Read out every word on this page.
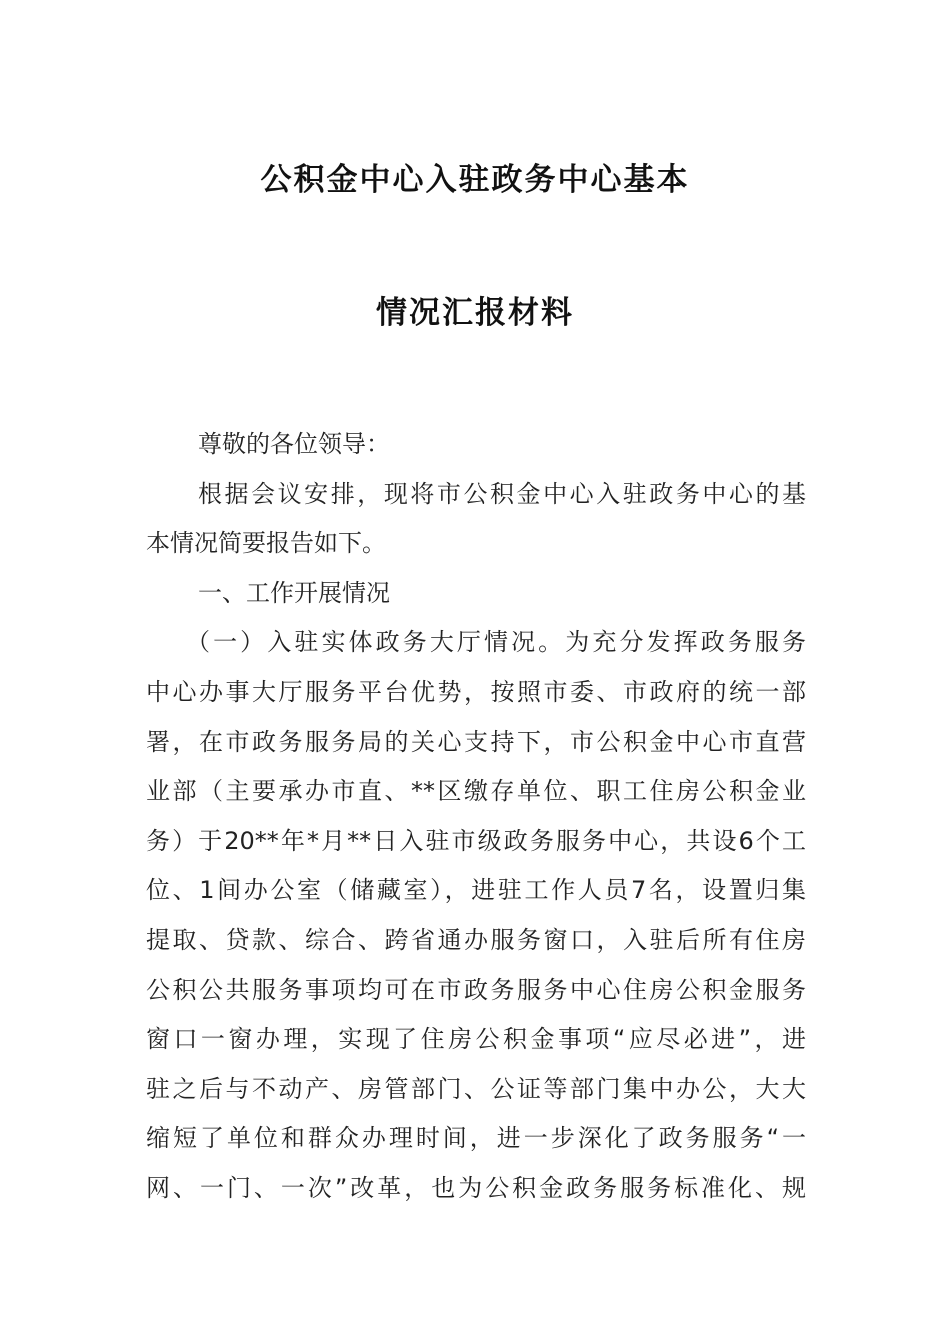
公积金中心入驻政务中心基本
情况汇报材料
尊敬的各位领导：
根据会议安排，现将市公积金中心入驻政务中心的基
本情况简要报告如下。
一、工作开展情况
（一）入驻实体政务大厅情况。为充分发挥政务服务
中心办事大厅服务平台优势，按照市委、市政府的统一部
署，在市政务服务局的关心支持下，市公积金中心市直营
业部（主要承办市直、**区缴存单位、职工住房公积金业
务）于20**年*月**日入驻市级政务服务中心，共设6个工
位、1间办公室（储藏室），进驻工作人员7名，设置归集
提取、贷款、综合、跨省通办服务窗口，入驻后所有住房
公积公共服务事项均可在市政务服务中心住房公积金服务
窗口一窗办理，实现了住房公积金事项“应尽必进”，进
驻之后与不动产、房管部门、公证等部门集中办公，大大
缩短了单位和群众办理时间，进一步深化了政务服务“一
网、一门、一次”改革，也为公积金政务服务标准化、规
